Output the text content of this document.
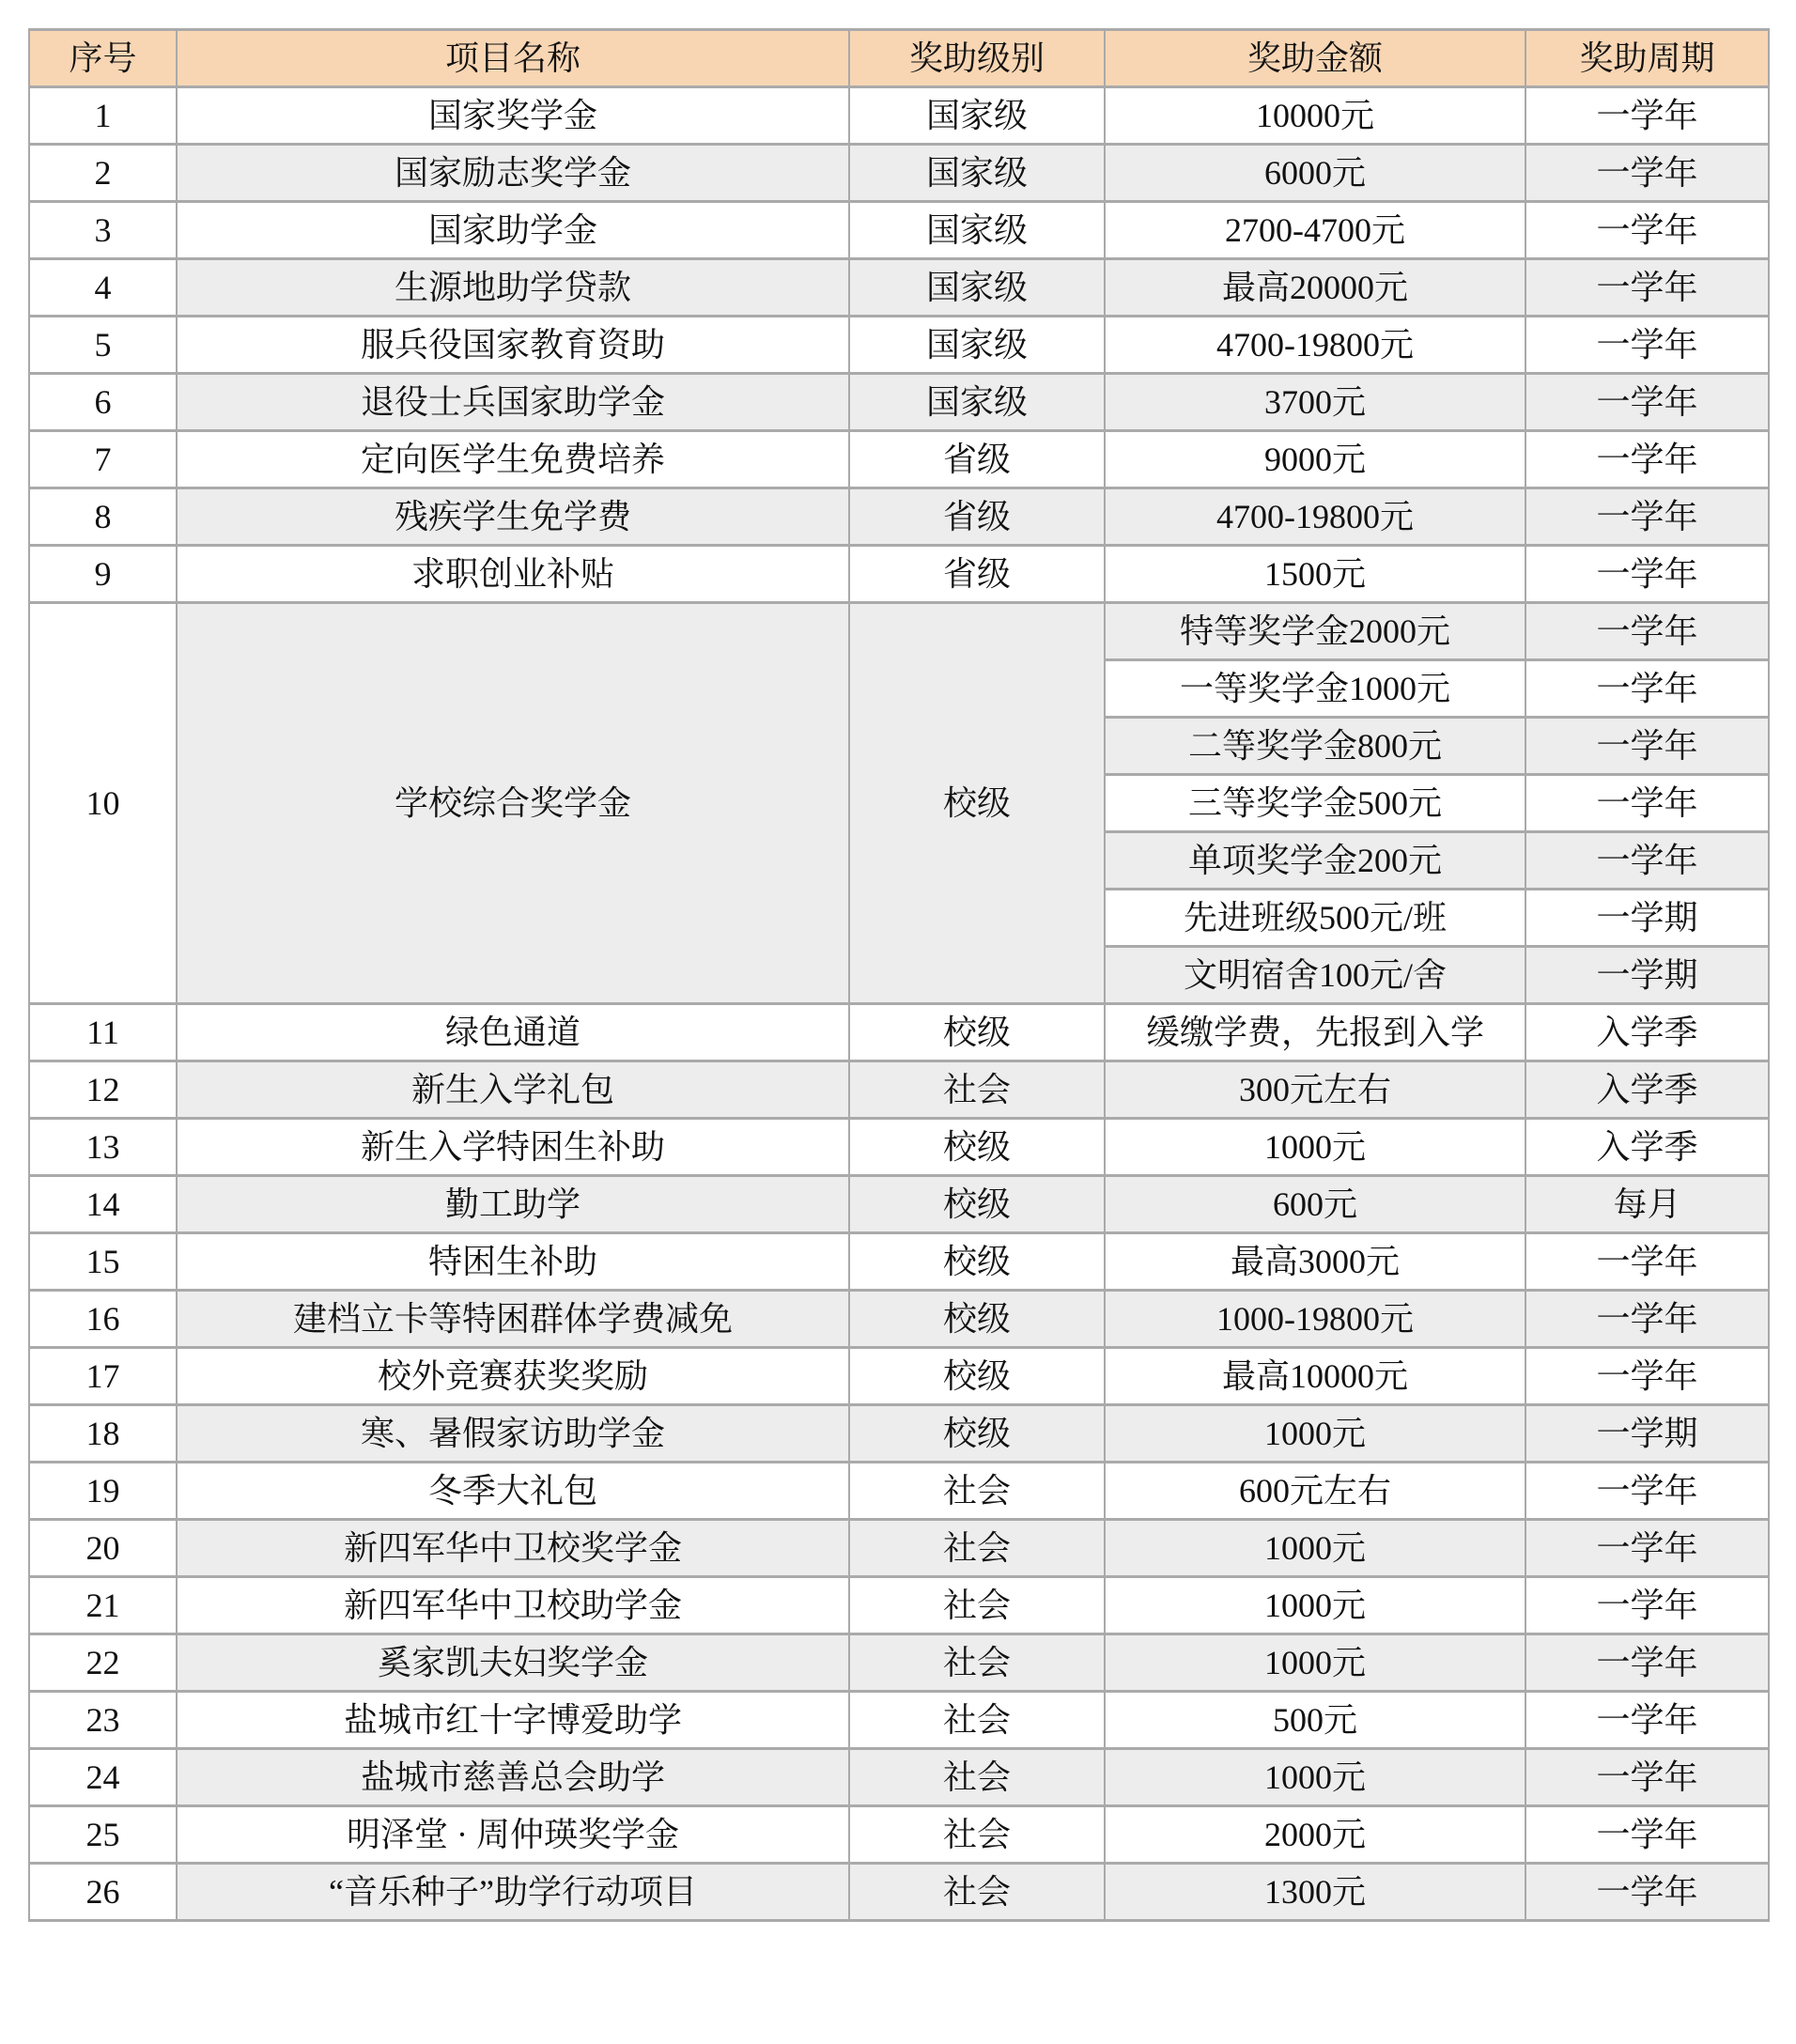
序号	项目名称	奖助级别	奖助金额	奖助周期
1	国家奖学金	国家级	10000元	一学年
2	国家励志奖学金	国家级	6000元	一学年
3	国家助学金	国家级	2700-4700元	一学年
4	生源地助学贷款	国家级	最高20000元	一学年
5	服兵役国家教育资助	国家级	4700-19800元	一学年
6	退役士兵国家助学金	国家级	3700元	一学年
7	定向医学生免费培养	省级	9000元	一学年
8	残疾学生免学费	省级	4700-19800元	一学年
9	求职创业补贴	省级	1500元	一学年
10	学校综合奖学金	校级	特等奖学金2000元	一学年
			一等奖学金1000元	一学年
			二等奖学金800元	一学年
			三等奖学金500元	一学年
			单项奖学金200元	一学年
			先进班级500元/班	一学期
			文明宿舍100元/舍	一学期
11	绿色通道	校级	缓缴学费，先报到入学	入学季
12	新生入学礼包	社会	300元左右	入学季
13	新生入学特困生补助	校级	1000元	入学季
14	勤工助学	校级	600元	每月
15	特困生补助	校级	最高3000元	一学年
16	建档立卡等特困群体学费减免	校级	1000-19800元	一学年
17	校外竞赛获奖奖励	校级	最高10000元	一学年
18	寒、暑假家访助学金	校级	1000元	一学期
19	冬季大礼包	社会	600元左右	一学年
20	新四军华中卫校奖学金	社会	1000元	一学年
21	新四军华中卫校助学金	社会	1000元	一学年
22	奚家凯夫妇奖学金	社会	1000元	一学年
23	盐城市红十字博爱助学	社会	500元	一学年
24	盐城市慈善总会助学	社会	1000元	一学年
25	明泽堂 · 周仲瑛奖学金	社会	2000元	一学年
26	“音乐种子”助学行动项目	社会	1300元	一学年
